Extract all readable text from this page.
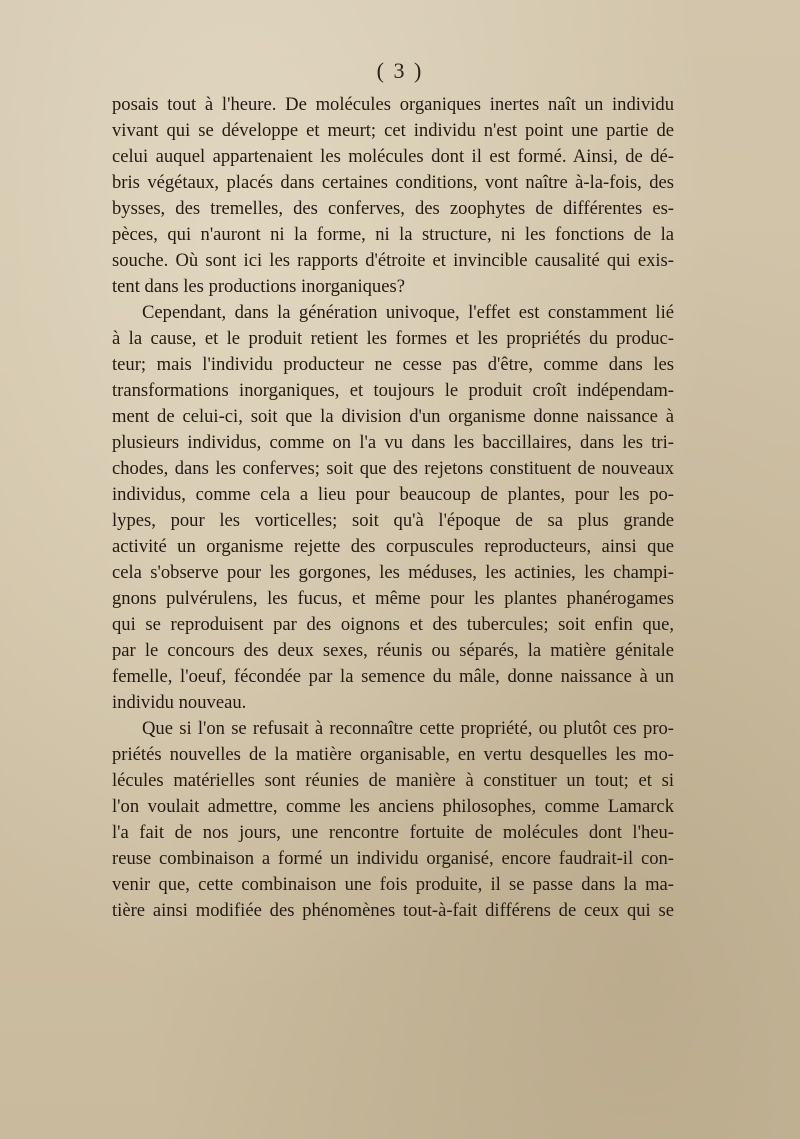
( 3 )
posais tout à l'heure. De molécules organiques inertes naît un individu
vivant qui se développe et meurt; cet individu n'est point une partie de
celui auquel appartenaient les molécules dont il est formé. Ainsi, de dé-
bris végétaux, placés dans certaines conditions, vont naître à-la-fois, des
bysses, des tremelles, des conferves, des zoophytes de différentes es-
pèces, qui n'auront ni la forme, ni la structure, ni les fonctions de la
souche. Où sont ici les rapports d'étroite et invincible causalité qui exis-
tent dans les productions inorganiques?
Cependant, dans la génération univoque, l'effet est constamment lié
à la cause, et le produit retient les formes et les propriétés du produc-
teur; mais l'individu producteur ne cesse pas d'être, comme dans les
transformations inorganiques, et toujours le produit croît indépendam-
ment de celui-ci, soit que la division d'un organisme donne naissance à
plusieurs individus, comme on l'a vu dans les baccillaires, dans les tri-
chodes, dans les conferves; soit que des rejetons constituent de nouveaux
individus, comme cela a lieu pour beaucoup de plantes, pour les po-
lypes, pour les vorticelles; soit qu'à l'époque de sa plus grande
activité un organisme rejette des corpuscules reproducteurs, ainsi que
cela s'observe pour les gorgones, les méduses, les actinies, les champi-
gnons pulvérulens, les fucus, et même pour les plantes phanérogames
qui se reproduisent par des oignons et des tubercules; soit enfin que,
par le concours des deux sexes, réunis ou séparés, la matière génitale
femelle, l'oeuf, fécondée par la semence du mâle, donne naissance à un
individu nouveau.
Que si l'on se refusait à reconnaître cette propriété, ou plutôt ces pro-
priétés nouvelles de la matière organisable, en vertu desquelles les mo-
lécules matérielles sont réunies de manière à constituer un tout; et si
l'on voulait admettre, comme les anciens philosophes, comme Lamarck
l'a fait de nos jours, une rencontre fortuite de molécules dont l'heu-
reuse combinaison a formé un individu organisé, encore faudrait-il con-
venir que, cette combinaison une fois produite, il se passe dans la ma-
tière ainsi modifiée des phénomènes tout-à-fait différens de ceux qui se
